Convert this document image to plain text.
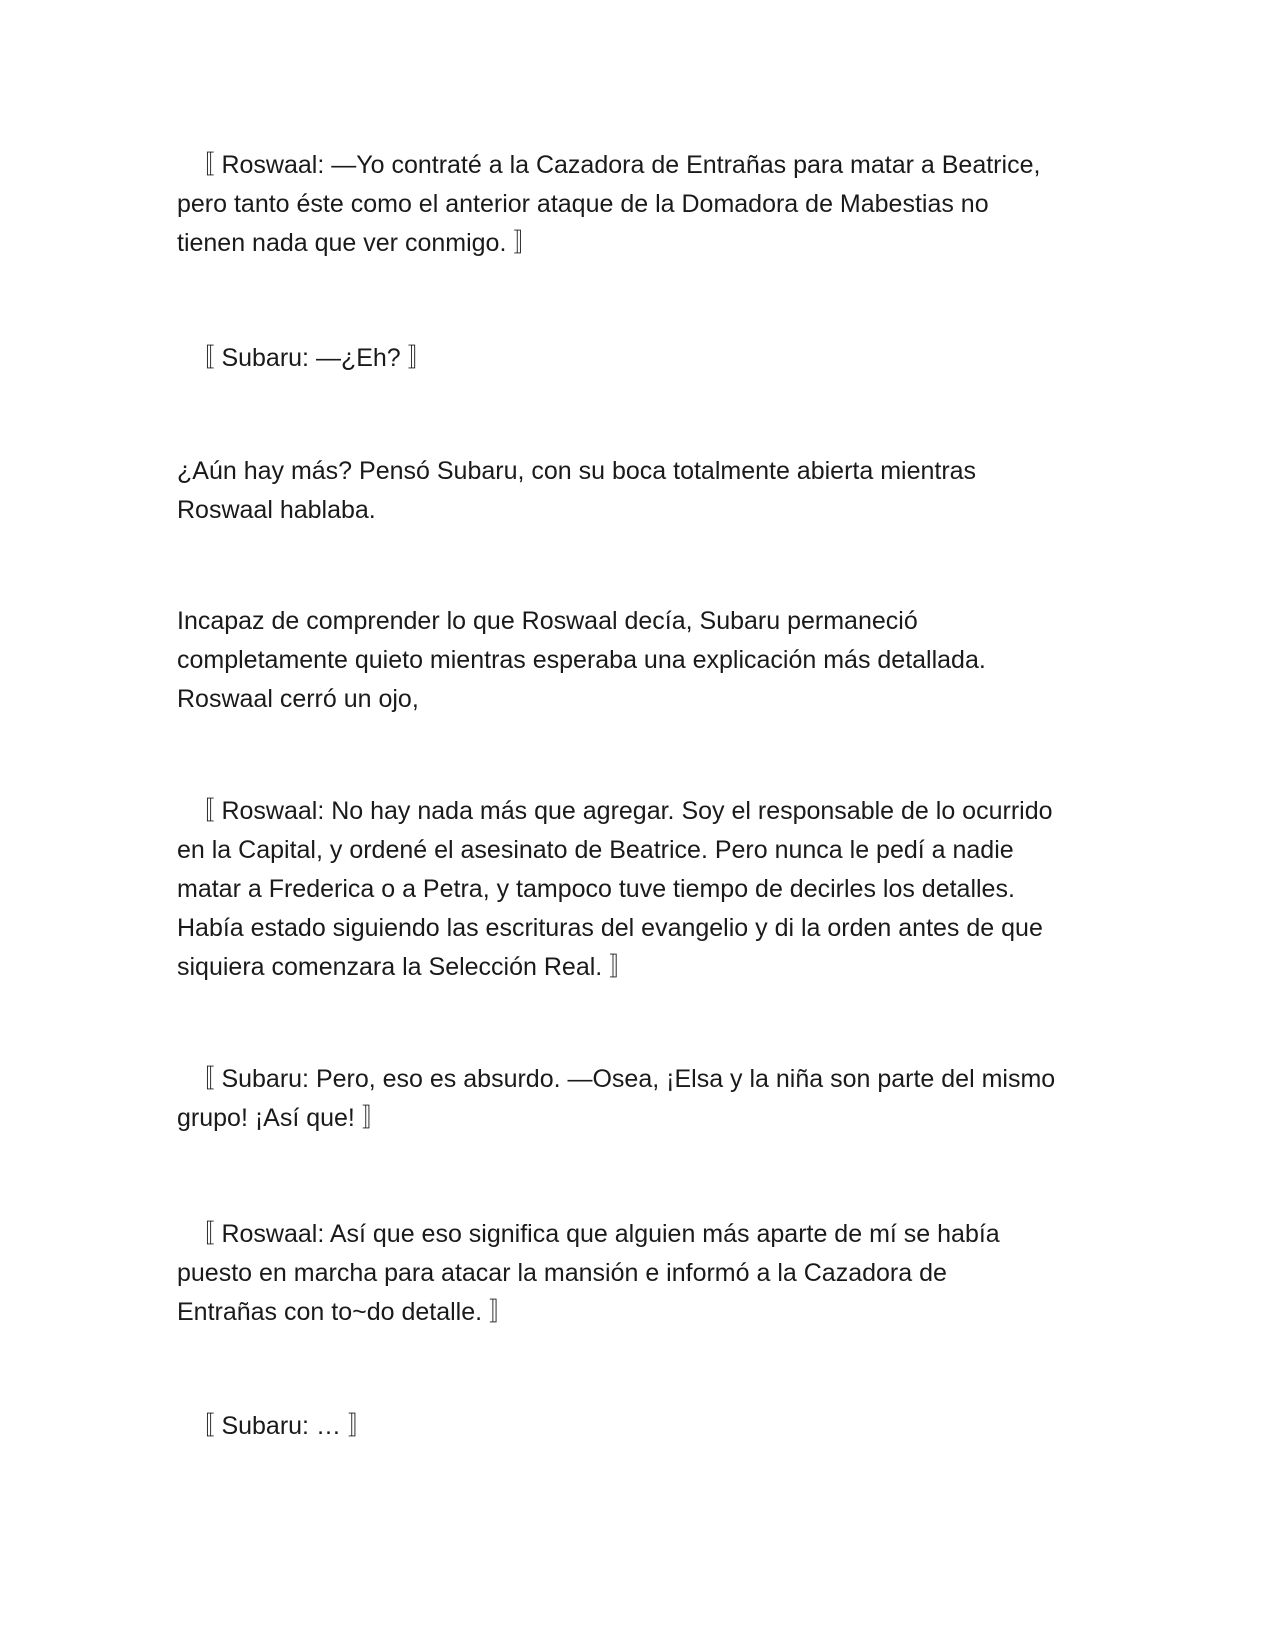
　〚 Roswaal: —Yo contraté a la Cazadora de Entrañas para matar a Beatrice,
pero tanto éste como el anterior ataque de la Domadora de Mabestias no
tienen nada que ver conmigo. 〛

　〚 Subaru: —¿Eh? 〛

¿Aún hay más? Pensó Subaru, con su boca totalmente abierta mientras
Roswaal hablaba.

Incapaz de comprender lo que Roswaal decía, Subaru permaneció
completamente quieto mientras esperaba una explicación más detallada.
Roswaal cerró un ojo,

　〚 Roswaal: No hay nada más que agregar. Soy el responsable de lo ocurrido
en la Capital, y ordené el asesinato de Beatrice. Pero nunca le pedí a nadie
matar a Frederica o a Petra, y tampoco tuve tiempo de decirles los detalles.
Había estado siguiendo las escrituras del evangelio y di la orden antes de que
siquiera comenzara la Selección Real. 〛

　〚 Subaru: Pero, eso es absurdo. —Osea, ¡Elsa y la niña son parte del mismo
grupo! ¡Así que! 〛

　〚 Roswaal: Así que eso significa que alguien más aparte de mí se había
puesto en marcha para atacar la mansión e informó a la Cazadora de
Entrañas con to~do detalle. 〛

　〚 Subaru: … 〛
